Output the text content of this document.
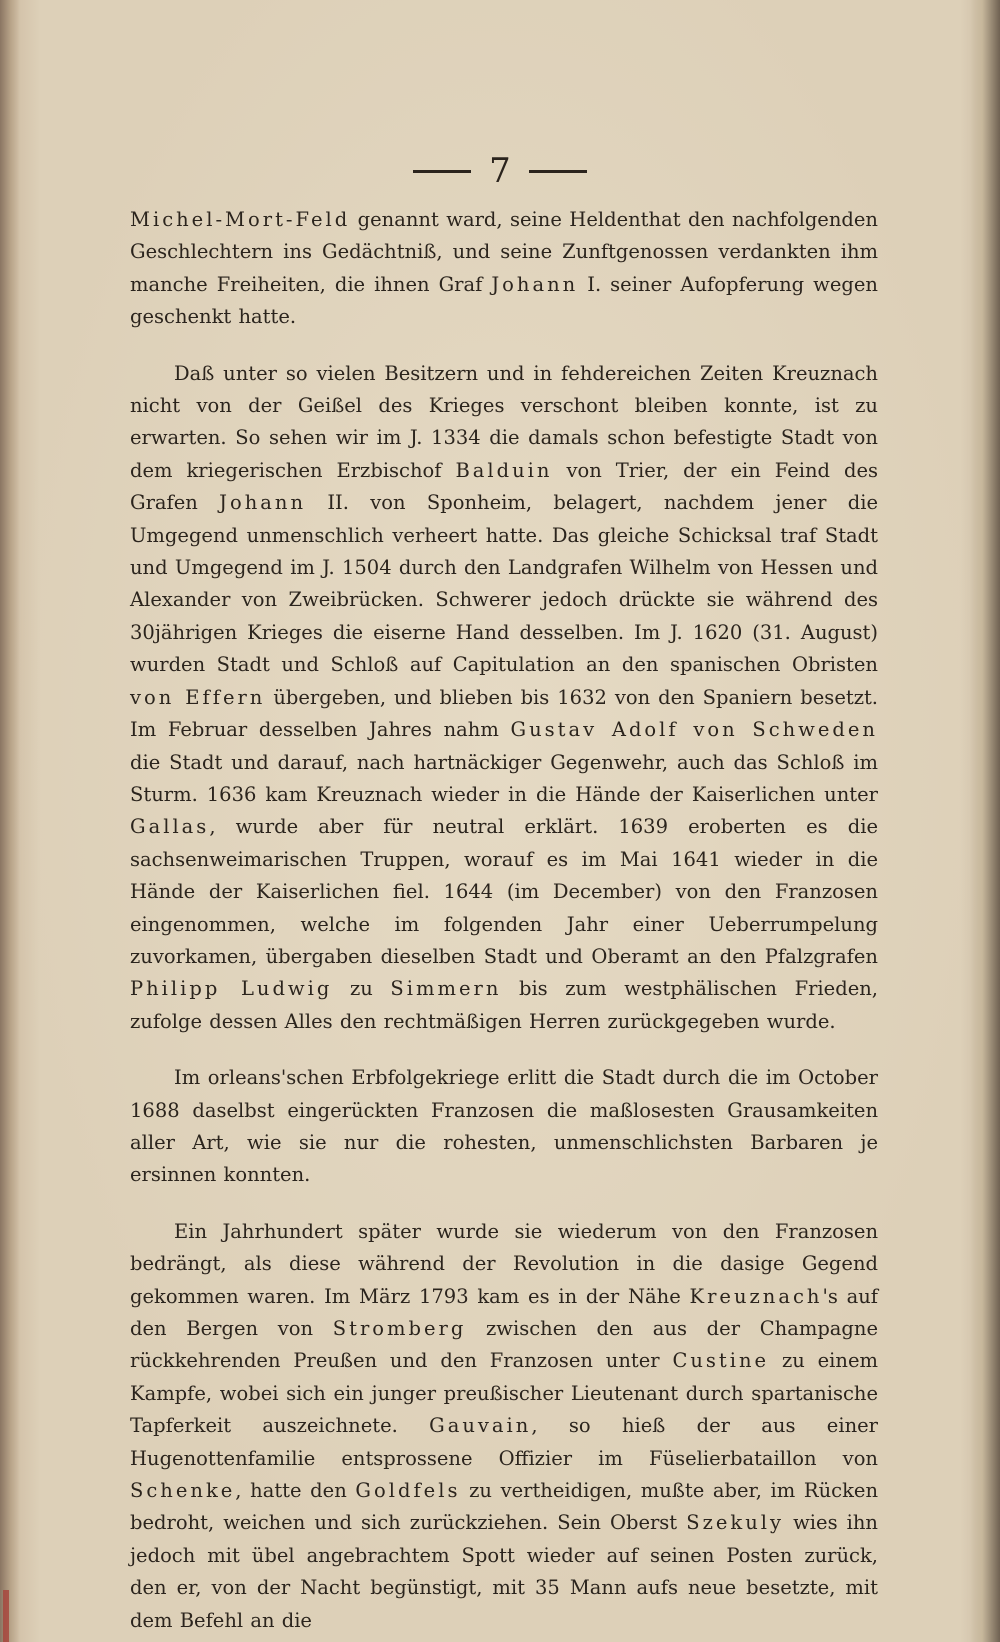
7

Michel-Mort-Feld genannt ward, seine Heldenthat den nachfolgenden Geschlechtern ins Gedächtniß, und seine Zunftgenossen verdankten ihm manche Freiheiten, die ihnen Graf Johann I. seiner Aufopferung wegen geschenkt hatte.

Daß unter so vielen Besitzern und in fehdereichen Zeiten Kreuznach nicht von der Geißel des Krieges verschont bleiben konnte, ist zu erwarten. So sehen wir im J. 1334 die damals schon befestigte Stadt von dem kriegerischen Erzbischof Balduin von Trier, der ein Feind des Grafen Johann II. von Sponheim, belagert, nachdem jener die Umgegend unmenschlich verheert hatte. Das gleiche Schicksal traf Stadt und Umgegend im J. 1504 durch den Landgrafen Wilhelm von Hessen und Alexander von Zweibrücken. Schwerer jedoch drückte sie während des 30jährigen Krieges die eiserne Hand desselben. Im J. 1620 (31. August) wurden Stadt und Schloß auf Capitulation an den spanischen Obristen von Effern übergeben, und blieben bis 1632 von den Spaniern besetzt. Im Februar desselben Jahres nahm Gustav Adolf von Schweden die Stadt und darauf, nach hartnäckiger Gegenwehr, auch das Schloß im Sturm. 1636 kam Kreuznach wieder in die Hände der Kaiserlichen unter Gallas, wurde aber für neutral erklärt. 1639 eroberten es die sachsenweimarischen Truppen, worauf es im Mai 1641 wieder in die Hände der Kaiserlichen fiel. 1644 (im December) von den Franzosen eingenommen, welche im folgenden Jahr einer Ueberrumpelung zuvorkamen, übergaben dieselben Stadt und Oberamt an den Pfalzgrafen Philipp Ludwig zu Simmern bis zum westphälischen Frieden, zufolge dessen Alles den rechtmäßigen Herren zurückgegeben wurde.

Im orleans'schen Erbfolgekriege erlitt die Stadt durch die im October 1688 daselbst eingerückten Franzosen die maßlosesten Grausamkeiten aller Art, wie sie nur die rohesten, unmenschlichsten Barbaren je ersinnen konnten.

Ein Jahrhundert später wurde sie wiederum von den Franzosen bedrängt, als diese während der Revolution in die dasige Gegend gekommen waren. Im März 1793 kam es in der Nähe Kreuznach's auf den Bergen von Stromberg zwischen den aus der Champagne rückkehrenden Preußen und den Franzosen unter Custine zu einem Kampfe, wobei sich ein junger preußischer Lieutenant durch spartanische Tapferkeit auszeichnete. Gauvain, so hieß der aus einer Hugenottenfamilie entsprossene Offizier im Füselierbataillon von Schenke, hatte den Goldfels zu vertheidigen, mußte aber, im Rücken bedroht, weichen und sich zurückziehen. Sein Oberst Szekuly wies ihn jedoch mit übel angebrachtem Spott wieder auf seinen Posten zurück, den er, von der Nacht begünstigt, mit 35 Mann aufs neue besetzte, mit dem Befehl an die
